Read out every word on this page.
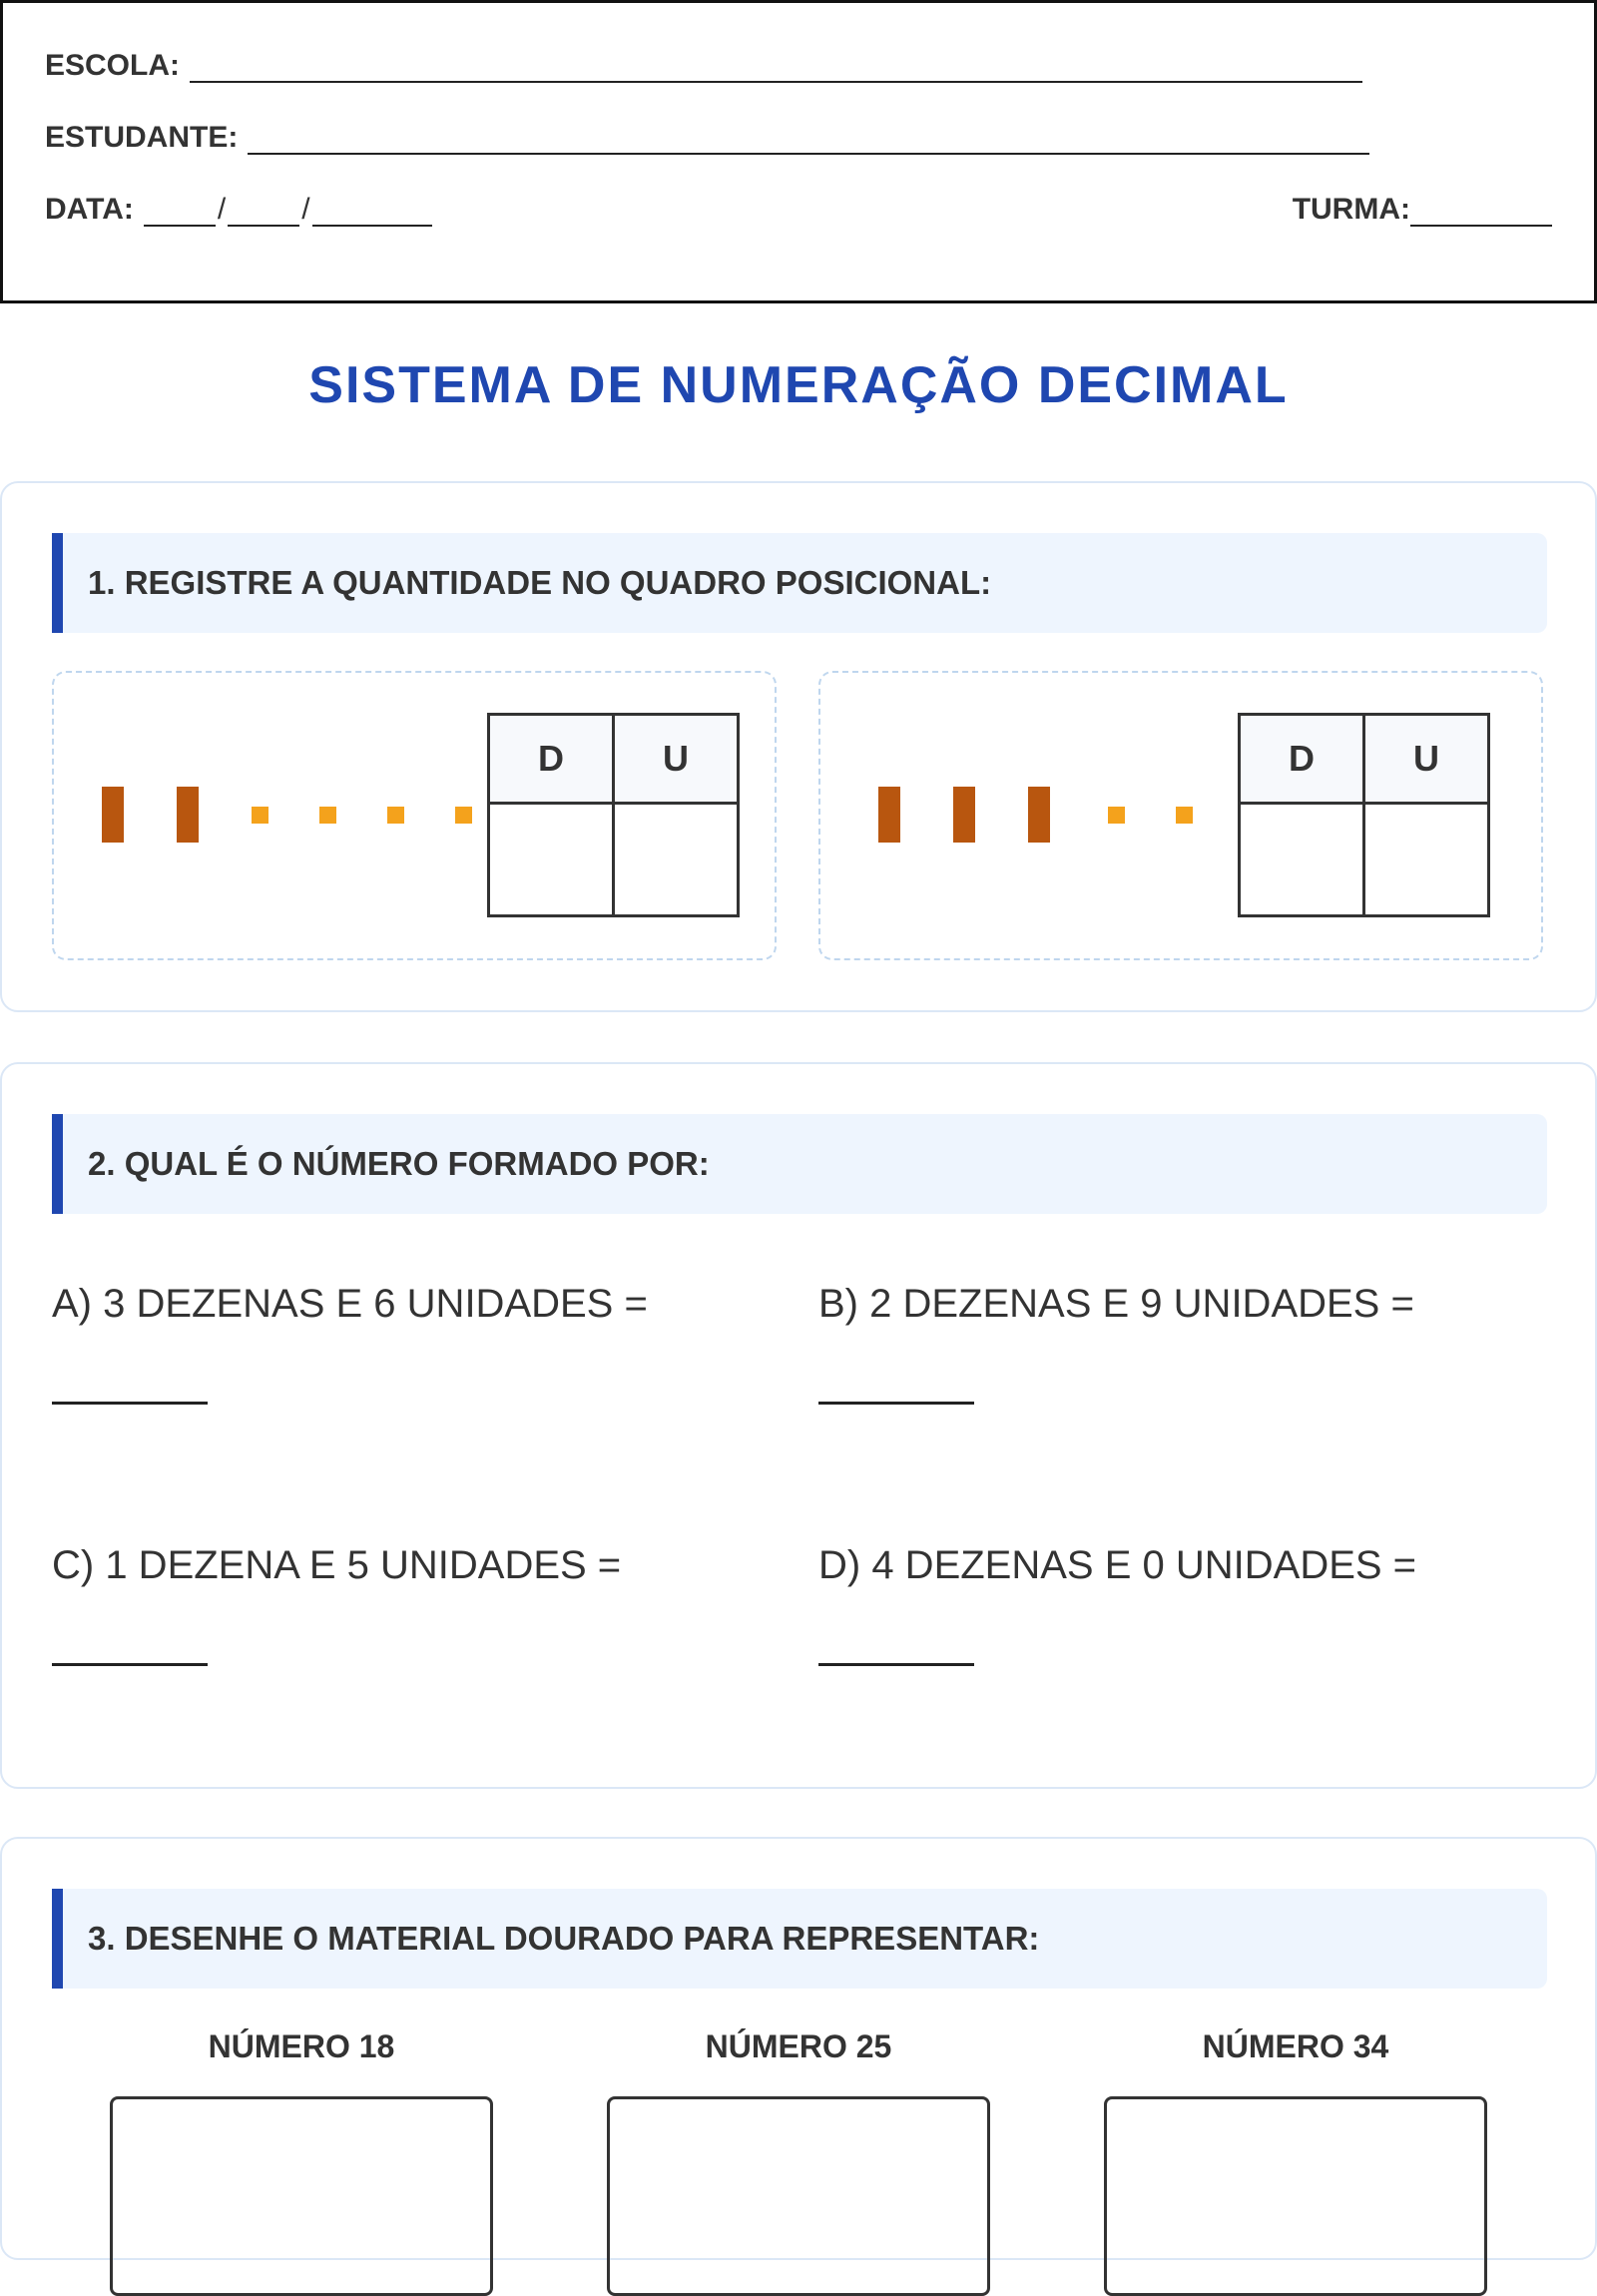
ESCOLA:
ESTUDANTE:
DATA:	/	/	TURMA:
SISTEMA DE NUMERAÇÃO DECIMAL
1. REGISTRE A QUANTIDADE NO QUADRO POSICIONAL:
D	U
		D	U

2. QUAL É O NÚMERO FORMADO POR:
A) 3 DEZENAS E 6 UNIDADES =	B) 2 DEZENAS E 9 UNIDADES =
C) 1 DEZENA E 5 UNIDADES =	D) 4 DEZENAS E 0 UNIDADES =
3. DESENHE O MATERIAL DOURADO PARA REPRESENTAR:
NÚMERO 18	NÚMERO 25	NÚMERO 34
